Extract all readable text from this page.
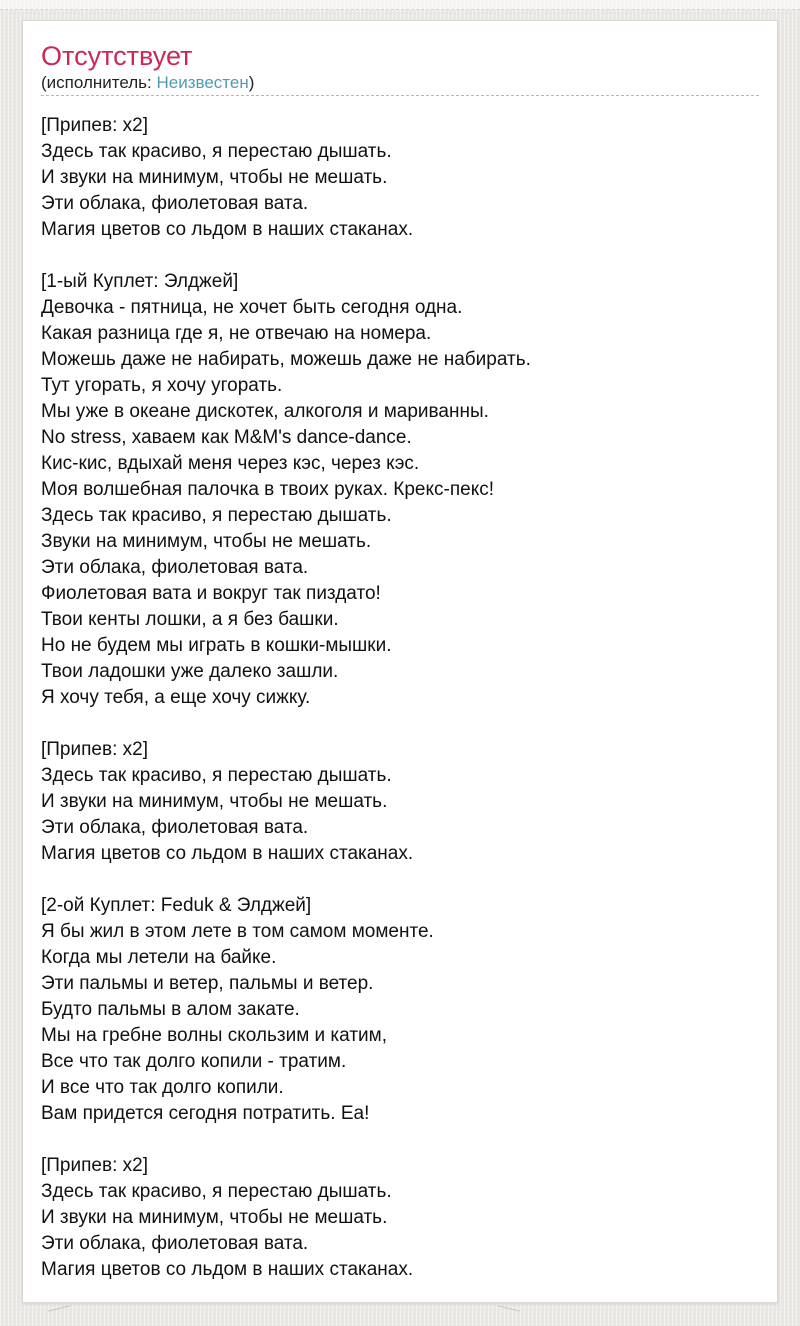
Отсутствует
(исполнитель: Неизвестен)

[Припев: x2]
Здесь так красиво, я перестаю дышать.
И звуки на минимум, чтобы не мешать.
Эти облака, фиолетовая вата.
Магия цветов со льдом в наших стаканах.

[1-ый Куплет: Элджей]
Девочка - пятница, не хочет быть сегодня одна.
Какая разница где я, не отвечаю на номера.
Можешь даже не набирать, можешь даже не набирать.
Тут угорать, я хочу угорать.
Мы уже в океане дискотек, алкоголя и мариванны.
No stress, хаваем как M&M's dance-dance.
Кис-кис, вдыхай меня через кэс, через кэс.
Моя волшебная палочка в твоих руках. Крекс-пекс!
Здесь так красиво, я перестаю дышать.
Звуки на минимум, чтобы не мешать.
Эти облака, фиолетовая вата.
Фиолетовая вата и вокруг так пиздато!
Твои кенты лошки, а я без башки.
Но не будем мы играть в кошки-мышки.
Твои ладошки уже далеко зашли.
Я хочу тебя, а еще хочу сижку.

[Припев: x2]
Здесь так красиво, я перестаю дышать.
И звуки на минимум, чтобы не мешать.
Эти облака, фиолетовая вата.
Магия цветов со льдом в наших стаканах.

[2-ой Куплет: Feduk & Элджей]
Я бы жил в этом лете в том самом моменте.
Когда мы летели на байке.
Эти пальмы и ветер, пальмы и ветер.
Будто пальмы в алом закате.
Мы на гребне волны скользим и катим,
Все что так долго копили - тратим.
И все что так долго копили.
Вам придется сегодня потратить. Еа!

[Припев: x2]
Здесь так красиво, я перестаю дышать.
И звуки на минимум, чтобы не мешать.
Эти облака, фиолетовая вата.
Магия цветов со льдом в наших стаканах.
